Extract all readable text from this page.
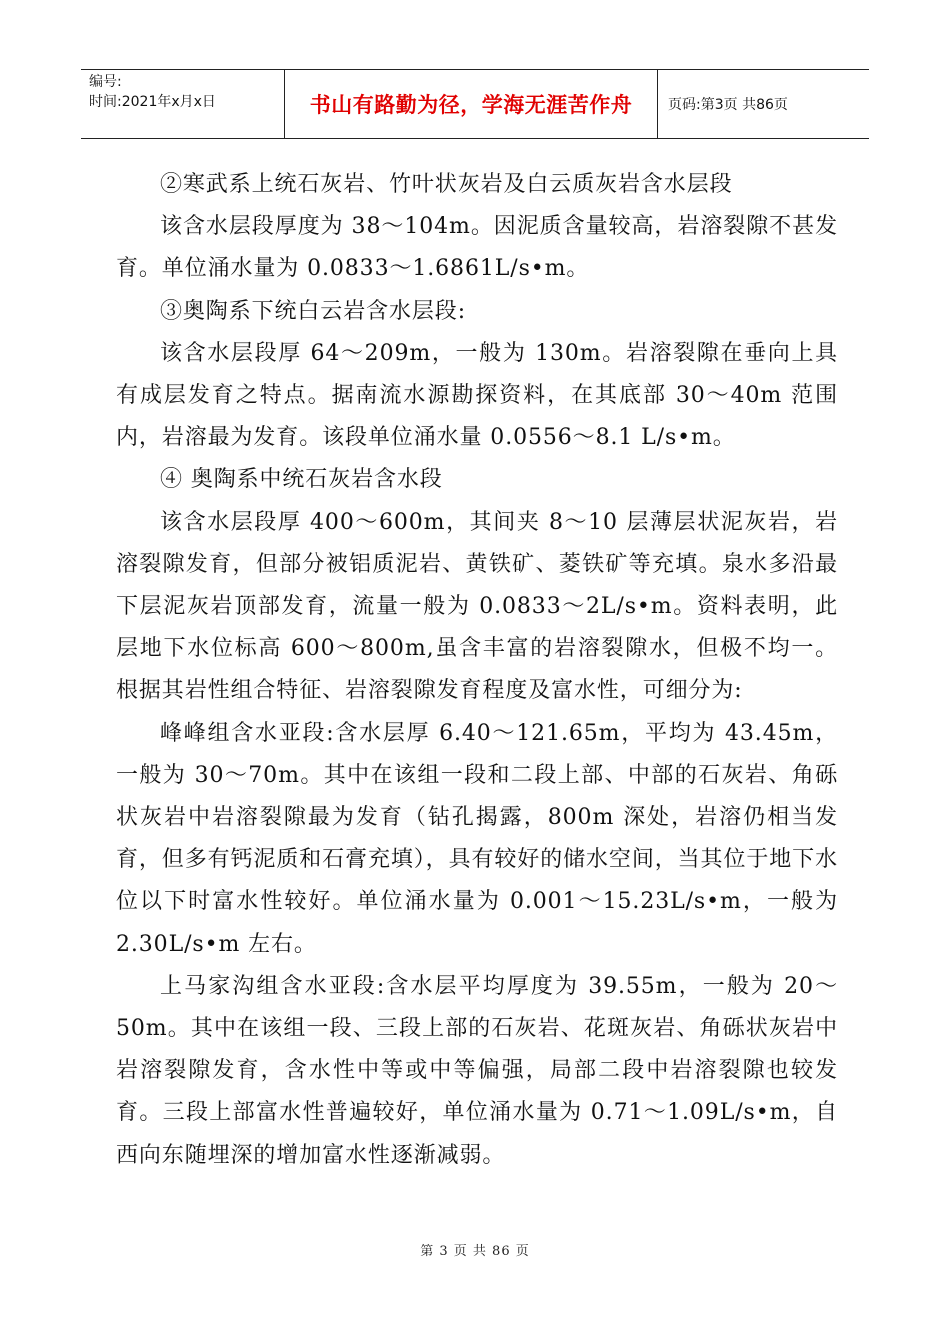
编号:
时间:2021年x月x日	书山有路勤为径，学海无涯苦作舟	页码:第3页 共86页

②寒武系上统石灰岩、竹叶状灰岩及白云质灰岩含水层段

该含水层段厚度为 38～104m。因泥质含量较高，岩溶裂隙不甚发育。单位涌水量为 0.0833～1.6861L/s•m。

③奥陶系下统白云岩含水层段:

该含水层段厚 64～209m，一般为 130m。岩溶裂隙在垂向上具有成层发育之特点。据南流水源勘探资料，在其底部 30～40m 范围内，岩溶最为发育。该段单位涌水量 0.0556～8.1 L/s•m。

④ 奥陶系中统石灰岩含水段

该含水层段厚 400～600m，其间夹 8～10 层薄层状泥灰岩，岩溶裂隙发育，但部分被铝质泥岩、黄铁矿、菱铁矿等充填。泉水多沿最下层泥灰岩顶部发育，流量一般为 0.0833～2L/s•m。资料表明，此层地下水位标高 600～800m,虽含丰富的岩溶裂隙水，但极不均一。根据其岩性组合特征、岩溶裂隙发育程度及富水性，可细分为:

峰峰组含水亚段:含水层厚 6.40～121.65m，平均为 43.45m，一般为 30～70m。其中在该组一段和二段上部、中部的石灰岩、角砾状灰岩中岩溶裂隙最为发育（钻孔揭露，800m 深处，岩溶仍相当发育，但多有钙泥质和石膏充填），具有较好的储水空间，当其位于地下水位以下时富水性较好。单位涌水量为 0.001～15.23L/s•m，一般为 2.30L/s•m 左右。

上马家沟组含水亚段:含水层平均厚度为 39.55m，一般为 20～50m。其中在该组一段、三段上部的石灰岩、花斑灰岩、角砾状灰岩中岩溶裂隙发育，含水性中等或中等偏强，局部二段中岩溶裂隙也较发育。三段上部富水性普遍较好，单位涌水量为 0.71～1.09L/s•m，自西向东随埋深的增加富水性逐渐减弱。

第 3 页 共 86 页
